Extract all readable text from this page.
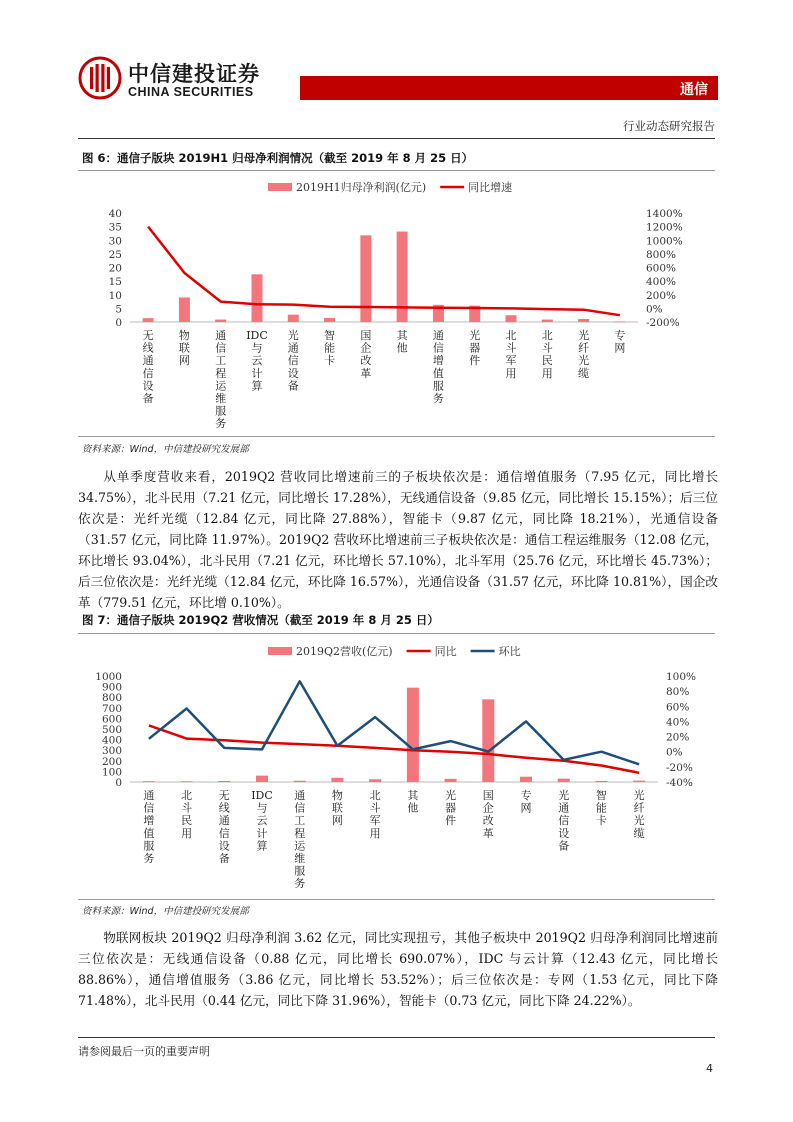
中信建投证券
CHINA SECURITIES	通信
行业动态研究报告
图 6：通信子版块 2019H1 归母净利润情况（截至 2019 年 8 月 25 日）
2019H1归母净利润(亿元)	同比增速
0
5
10
15
20
25
30
35
40
-200%
0%
200%
400%
600%
800%
1000%
1200%
1400%
无线通信设备
物联网
通信工程运维服务
IDC 与云计算
光通信设备
智能卡
国企改革
其他
通信增值服务
光器件
北斗军用
北斗民用
光纤光缆
专网
资料来源：Wind，中信建投研究发展部

从单季度营收来看，2019Q2 营收同比增速前三的子板块依次是：通信增值服务（7.95 亿元，同比增长 34.75%），北斗民用（7.21 亿元，同比增长 17.28%），无线通信设备（9.85 亿元，同比增长 15.15%）；后三位依次是：光纤光缆（12.84 亿元，同比降 27.88%），智能卡（9.87 亿元，同比降 18.21%），光通信设备（31.57 亿元，同比降 11.97%）。2019Q2 营收环比增速前三子板块依次是：通信工程运维服务（12.08 亿元，环比增长 93.04%），北斗民用（7.21 亿元，环比增长 57.10%），北斗军用（25.76 亿元，环比增长 45.73%）；后三位依次是：光纤光缆（12.84 亿元，环比降 16.57%），光通信设备（31.57 亿元，环比降 10.81%），国企改革（779.51 亿元，环比增 0.10%）。

图 7：通信子版块 2019Q2 营收情况（截至 2019 年 8 月 25 日）
2019Q2营收(亿元)	同比	环比
0
100
200
300
400
500
600
700
800
900
1000
-40%
-20%
0%
20%
40%
60%
80%
100%
通信增值服务
北斗民用
无线通信设备
IDC 与云计算
通信工程运维服务
物联网
北斗军用
其他
光器件
国企改革
专网
光通信设备
智能卡
光纤光缆
资料来源：Wind，中信建投研究发展部

物联网板块 2019Q2 归母净利润 3.62 亿元，同比实现扭亏，其他子板块中 2019Q2 归母净利润同比增速前三位依次是：无线通信设备（0.88 亿元，同比增长 690.07%），IDC 与云计算（12.43 亿元，同比增长 88.86%），通信增值服务（3.86 亿元，同比增长 53.52%）；后三位依次是：专网（1.53 亿元，同比下降 71.48%），北斗民用（0.44 亿元，同比下降 31.96%），智能卡（0.73 亿元，同比下降 24.22%）。

请参阅最后一页的重要声明
4
